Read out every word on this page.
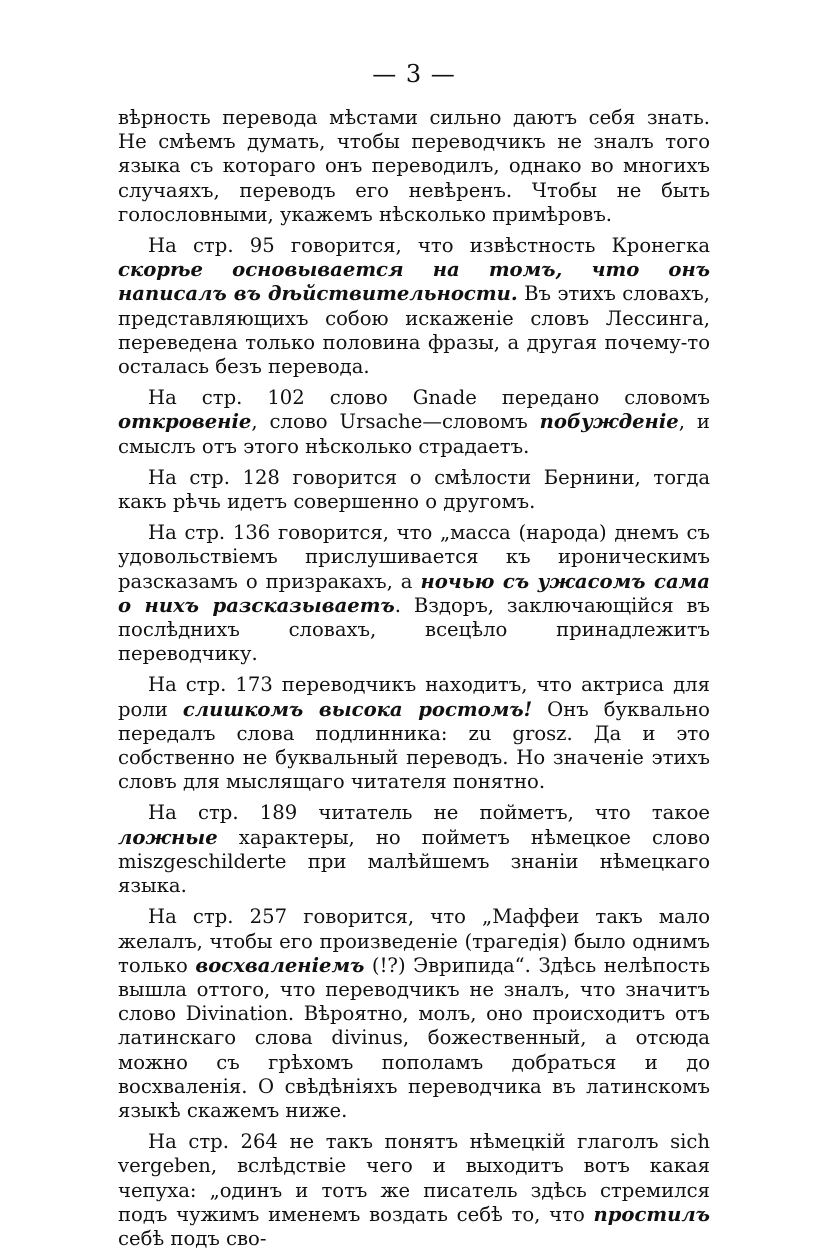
— 3 —

вѣрность перевода мѣстами сильно даютъ себя знать. Не смѣемъ думать, чтобы переводчикъ не зналъ того языка съ котораго онъ переводилъ, однако во многихъ случаяхъ, переводъ его невѣренъ. Чтобы не быть голословными, укажемъ нѣсколько примѣровъ.

На стр. 95 говорится, что извѣстность Кронегка скорѣе основывается на томъ, что онъ написалъ въ дѣйствительности. Въ этихъ словахъ, представляющихъ собою искаженіе словъ Лессинга, переведена только половина фразы, а другая почему-то осталась безъ перевода.

На стр. 102 слово Gnade передано словомъ откровеніе, слово Ursache—словомъ побужденіе, и смыслъ отъ этого нѣсколько страдаетъ.

На стр. 128 говорится о смѣлости Бернини, тогда какъ рѣчь идетъ совершенно о другомъ.

На стр. 136 говорится, что „масса (народа) днемъ съ удовольствіемъ прислушивается къ ироническимъ разсказамъ о призракахъ, а ночью съ ужасомъ сама о нихъ разсказываетъ. Вздоръ, заключающійся въ послѣднихъ словахъ, всецѣло принадлежитъ переводчику.

На стр. 173 переводчикъ находитъ, что актриса для роли слишкомъ высока ростомъ! Онъ буквально передалъ слова подлинника: zu grosz. Да и это собственно не буквальный переводъ. Но значеніе этихъ словъ для мыслящаго читателя понятно.

На стр. 189 читатель не пойметъ, что такое ложные характеры, но пойметъ нѣмецкое слово miszgeschilderte при малѣйшемъ знаніи нѣмецкаго языка.

На стр. 257 говорится, что „Маффеи такъ мало желалъ, чтобы его произведеніе (трагедія) было однимъ только восхваленіемъ (!?) Эврипида“. Здѣсь нелѣпость вышла оттого, что переводчикъ не зналъ, что значитъ слово Divination. Вѣроятно, молъ, оно происходитъ отъ латинскаго слова divinus, божественный, а отсюда можно съ грѣхомъ пополамъ добраться и до восхваленія. О свѣдѣніяхъ переводчика въ латинскомъ языкѣ скажемъ ниже.

На стр. 264 не такъ понятъ нѣмецкій глаголъ sich vergeben, вслѣдствіе чего и выходитъ вотъ какая чепуха: „одинъ и тотъ же писатель здѣсь стремился подъ чужимъ именемъ воздать себѣ то, что простилъ себѣ подъ сво-
